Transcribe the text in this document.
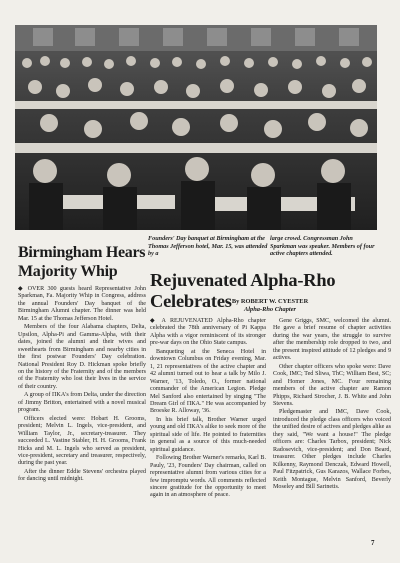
Founders' Day banquet at Birmingham at the Thomas Jefferson hotel, Mar. 15, was attended by a
large crowd. Congressman John Sparkman was speaker. Members of four active chapters attended.
Birmingham Hears Majority Whip

◆ OVER 300 guests heard Representative John Sparkman, Fa. Majority Whip in Congress, address the annual Founders' Day banquet of the Birmingham Alumni chapter. The dinner was held Mar. 15 at the Thomas Jefferson Hotel.

Members of the four Alabama chapters, Delta, Upsilon, Alpha-Pi and Gamma-Alpha, with their dates, joined the alumni and their wives and sweethearts from Birmingham and nearby cities in the first postwar Founders' Day celebration. National President Roy D. Hickman spoke briefly on the history of the Fraternity and of the members of the Fraternity who lost their lives in the service of their country.

A group of ΠKA's from Delta, under the direction of Jimmy Britton, entertained with a novel musical program.

Officers elected were: Hobart H. Grooms, president; Melvin L. Ingels, vice-president, and William Taylor, Jr., secretary-treasurer. They succeeded L. Vastine Stabler, H. H. Grooms, Frank Hicks and M. L. Ingels who served as president, vice-president, secretary and treasurer, respectively, during the past year.

After the dinner Eddie Stevens' orchestra played for dancing until midnight.

Rejuvenated Alpha-Rho Celebrates By ROBERT W. CYESTER
Alpha-Rho Chapter

◆ A REJUVENATED Alpha-Rho chapter celebrated the 78th anniversary of Pi Kappa Alpha with a vigor reminiscent of its stronger pre-war days on the Ohio State campus.

Banqueting at the Seneca Hotel in downtown Columbus on Friday evening, Mar. 1, 21 representatives of the active chapter and 42 alumni turned out to hear a talk by Milo J. Warner, '13, Toledo, O., former national commander of the American Legion. Pledge Mel Sanford also entertained by singing "The Dream Girl of ΠKA." He was accompanied by Broeske R. Alloway, '36.

In his brief talk, Brother Warner urged young and old ΠKA's alike to seek more of the spiritual side of life. He pointed to fraternities in general as a source of this much-needed spiritual guidance.

Following Brother Warner's remarks, Karl B. Pauly, '23, Founders' Day chairman, called on representative alumni from various cities for a few impromptu words. All comments reflected sincere gratitude for the opportunity to meet again in an atmosphere of peace.

Gene Griggs, SMC, welcomed the alumni. He gave a brief resume of chapter activities during the war years, the struggle to survive after the membership role dropped to two, and the present inspired attitude of 12 pledges and 9 actives.

Other chapter officers who spoke were: Dave Cook, IMC; Ted Sliwa, ThC; William Best, SC; and Homer Jones, MC. Four remaining members of the active chapter are Ramon Phipps, Richard Strocher, J. B. White and John Stevens.

Pledgemaster and IMC, Dave Cook, introduced the pledge class officers who voiced the unified desire of actives and pledges alike as they said, "We want a house!" The pledge officers are: Charles Tarbox, president; Nick Radosevich, vice-president; and Don Beard, treasurer. Other pledges include Charles Kilkenny, Raymond Denczak, Edward Howell, Paul Fitzpatrick, Gus Karazos, Wallace Forbes, Keith Montague, Melvin Sanford, Beverly Moseley and Bill Sarinetis.

7
